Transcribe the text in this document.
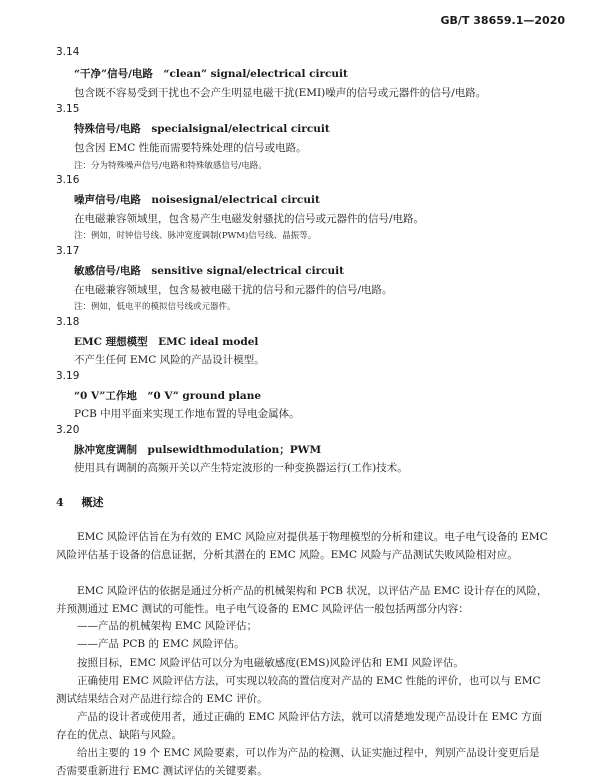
GB/T 38659.1—2020
3.14
“干净”信号/电路　“clean” signal/electrical circuit
包含既不容易受到干扰也不会产生明显电磁干扰(EMI)噪声的信号或元器件的信号/电路。
3.15
特殊信号/电路　specialsignal/electrical circuit
包含因 EMC 性能而需要特殊处理的信号或电路。
注：分为特殊噪声信号/电路和特殊敏感信号/电路。
3.16
噪声信号/电路　noisesignal/electrical circuit
在电磁兼容领域里，包含易产生电磁发射骚扰的信号或元器件的信号/电路。
注：例如，时钟信号线、脉冲宽度调制(PWM)信号线、晶振等。
3.17
敏感信号/电路　sensitive signal/electrical circuit
在电磁兼容领域里，包含易被电磁干扰的信号和元器件的信号/电路。
注：例如，低电平的模拟信号线或元器件。
3.18
EMC 理想模型　EMC ideal model
不产生任何 EMC 风险的产品设计模型。
3.19
“0 V”工作地　“0 V” ground plane
PCB 中用平面来实现工作地布置的导电金属体。
3.20
脉冲宽度调制　pulsewidthmodulation；PWM
使用具有调制的高频开关以产生特定波形的一种变换器运行(工作)技术。
4 概述
EMC 风险评估旨在为有效的 EMC 风险应对提供基于物理模型的分析和建议。电子电气设备的 EMC 风险评估基于设备的信息证据，分析其潜在的 EMC 风险。EMC 风险与产品测试失败风险相对应。
EMC 风险评估的依据是通过分析产品的机械架构和 PCB 状况，以评估产品 EMC 设计存在的风险，并预测通过 EMC 测试的可能性。电子电气设备的 EMC 风险评估一般包括两部分内容：
——产品的机械架构 EMC 风险评估；
——产品 PCB 的 EMC 风险评估。
按照目标，EMC 风险评估可以分为电磁敏感度(EMS)风险评估和 EMI 风险评估。
正确使用 EMC 风险评估方法，可实现以较高的置信度对产品的 EMC 性能的评价，也可以与 EMC 测试结果结合对产品进行综合的 EMC 评价。
产品的设计者或使用者，通过正确的 EMC 风险评估方法，就可以清楚地发现产品设计在 EMC 方面存在的优点、缺陷与风险。
给出主要的 19 个 EMC 风险要素，可以作为产品的检测、认证实施过程中，判别产品设计变更后是否需要重新进行 EMC 测试评估的关键要素。
